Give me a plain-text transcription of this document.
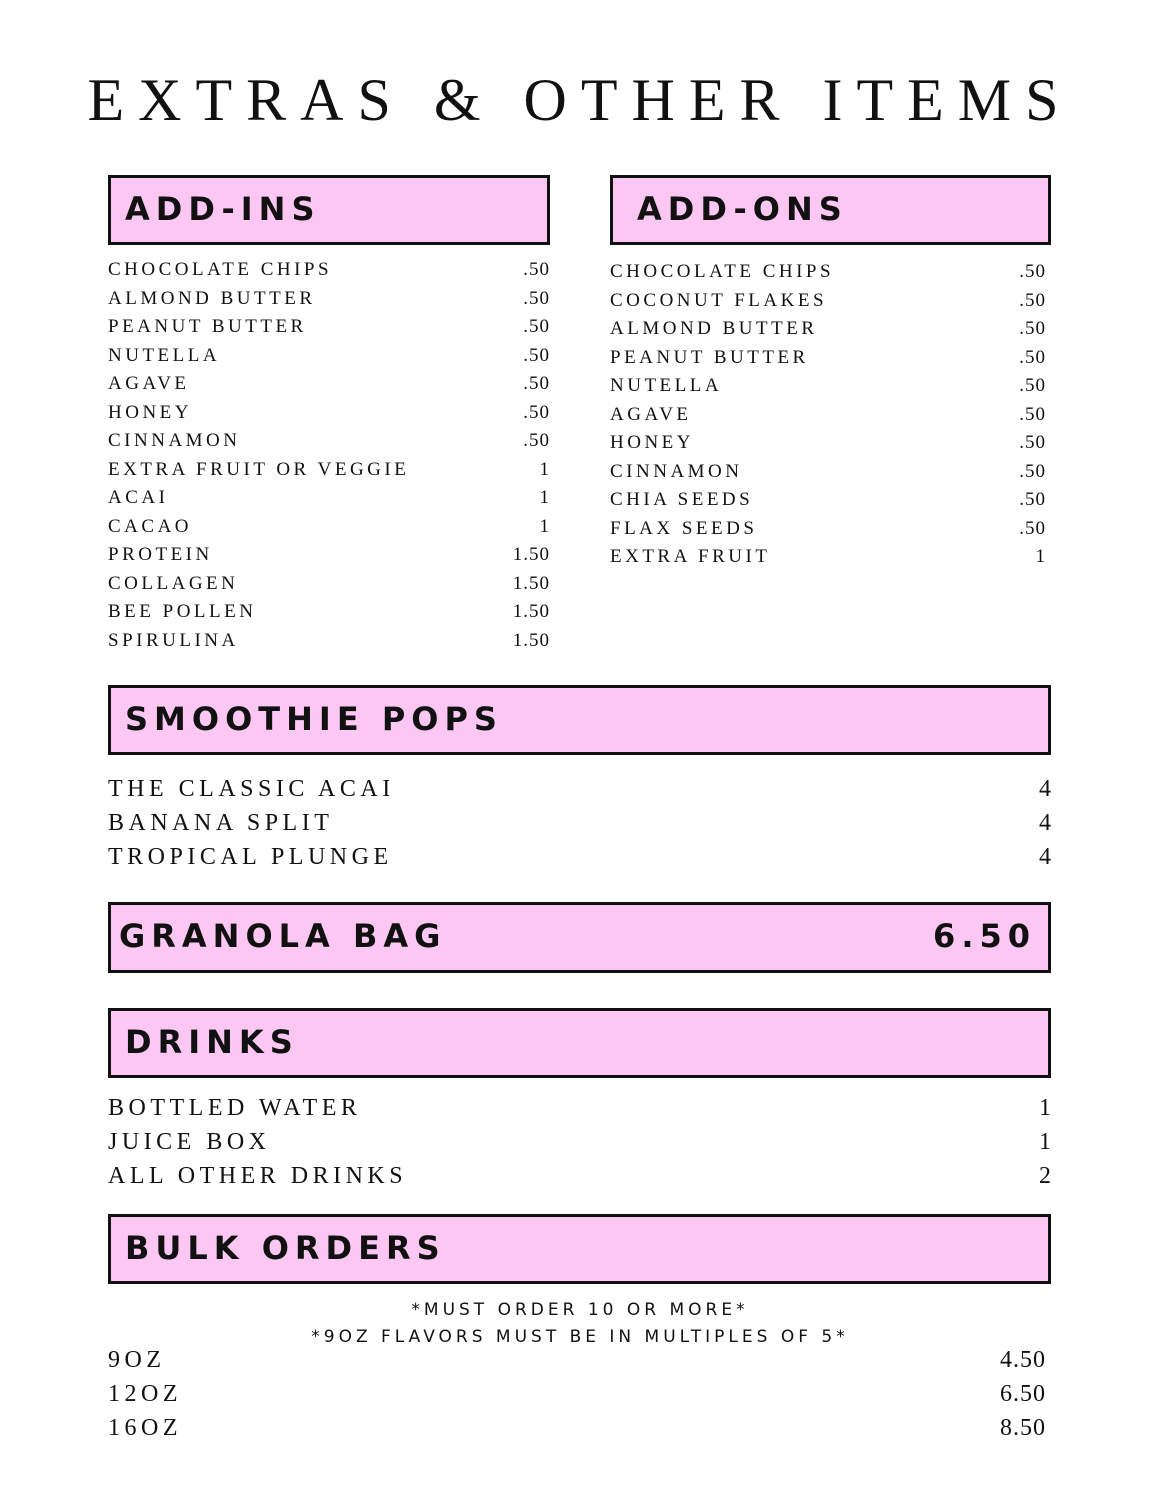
EXTRAS & OTHER ITEMS
ADD-INS	ADD-ONS
CHOCOLATE CHIPS	.50
ALMOND BUTTER	.50
PEANUT BUTTER	.50
NUTELLA	.50
AGAVE	.50
HONEY	.50
CINNAMON	.50
EXTRA FRUIT OR VEGGIE	1
ACAI	1
CACAO	1
PROTEIN	1.50
COLLAGEN	1.50
BEE POLLEN	1.50
SPIRULINA	1.50
CHOCOLATE CHIPS	.50
COCONUT FLAKES	.50
ALMOND BUTTER	.50
PEANUT BUTTER	.50
NUTELLA	.50
AGAVE	.50
HONEY	.50
CINNAMON	.50
CHIA SEEDS	.50
FLAX SEEDS	.50
EXTRA FRUIT	1
SMOOTHIE POPS
THE CLASSIC ACAI	4
BANANA SPLIT	4
TROPICAL PLUNGE	4
GRANOLA BAG	6.50
DRINKS
BOTTLED WATER	1
JUICE BOX	1
ALL OTHER DRINKS	2
BULK ORDERS
*MUST ORDER 10 OR MORE*
*9OZ FLAVORS MUST BE IN MULTIPLES OF 5*
9OZ	4.50
12OZ	6.50
16OZ	8.50
